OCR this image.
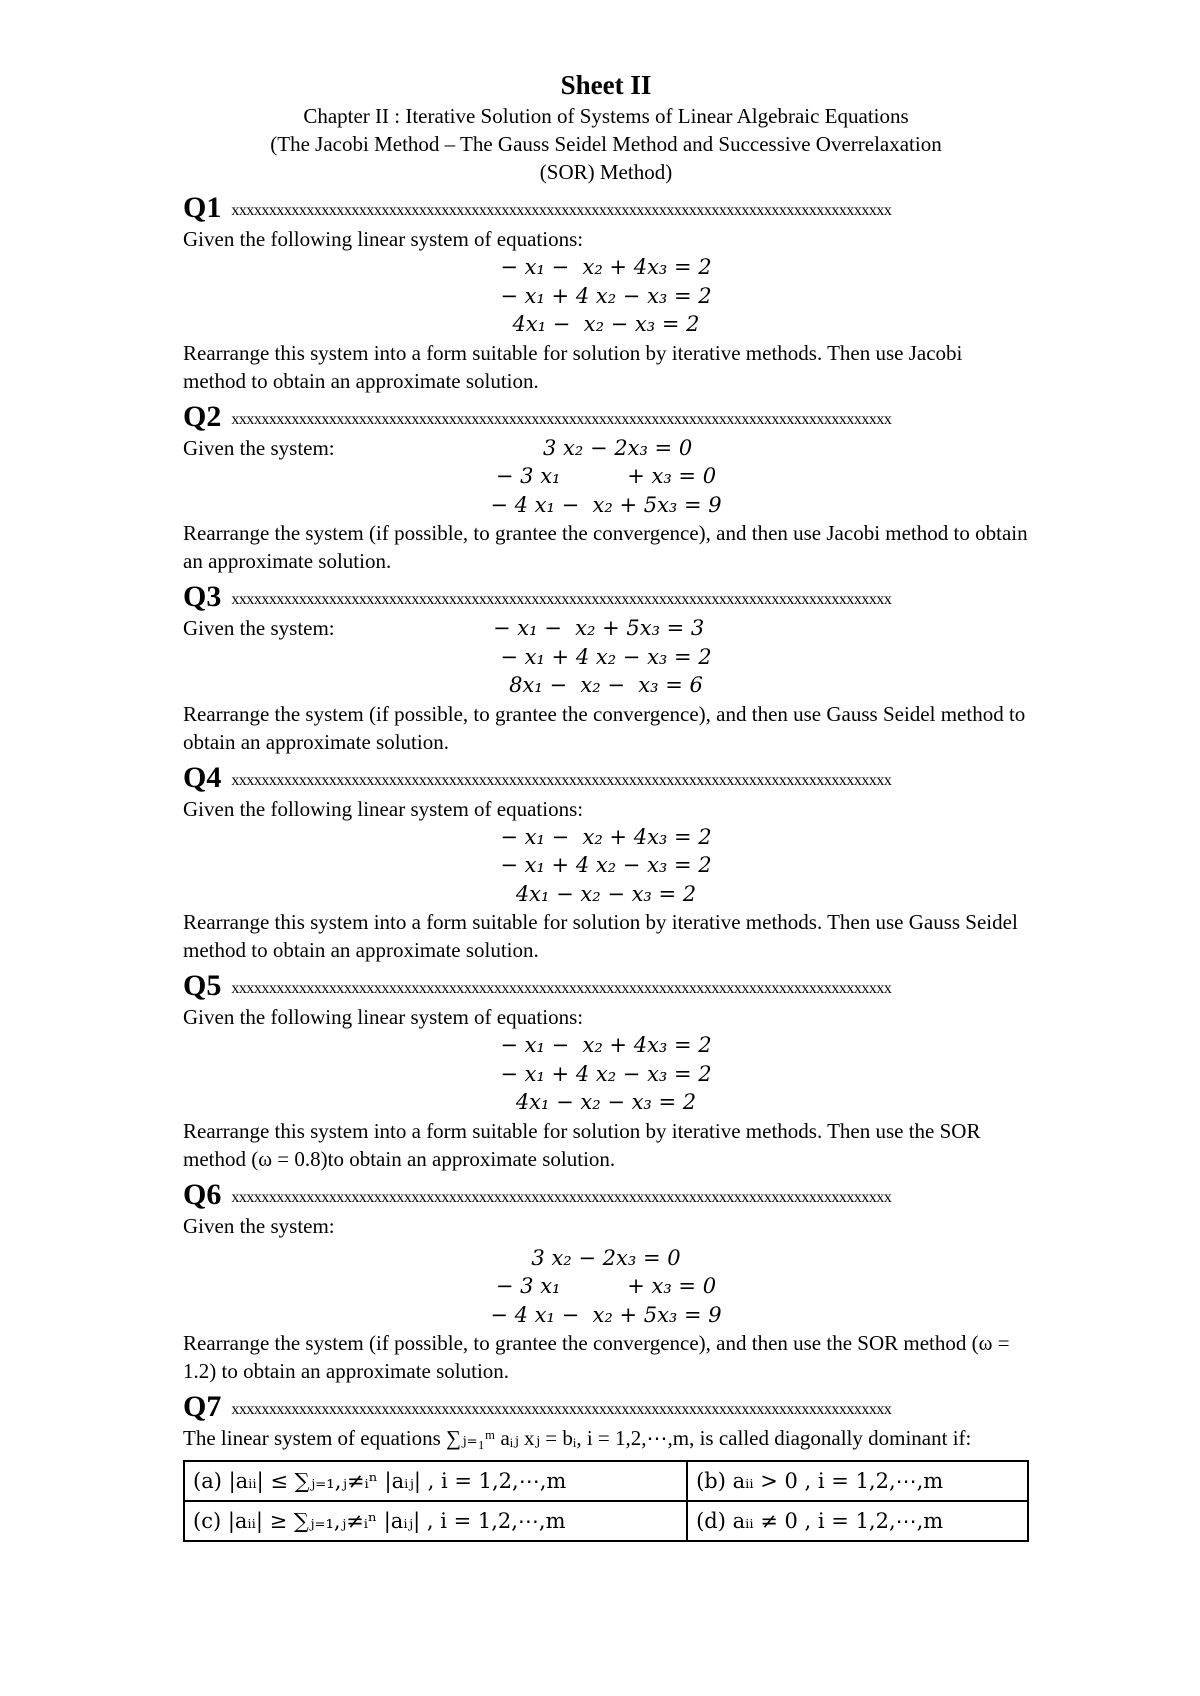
Sheet II

Chapter II : Iterative Solution of Systems of Linear Algebraic Equations

(The Jacobi Method – The Gauss Seidel Method and Successive Overrelaxation

(SOR) Method)

Q1 xxxxxxxxxxxxxxxxxxxxxxxxxxxxxxxxxxxxxxxxxxxxxxxxxxxxxxxxxxxxxxxxxxxxxxxxxxxxxxxxxxxxxxxx

Given the following linear system of equations:

− x₁ −  x₂ + 4x₃ = 2

− x₁ + 4 x₂ − x₃ = 2

4x₁ −  x₂ − x₃ = 2

Rearrange this system into a form suitable for solution by iterative methods. Then use Jacobi method to obtain an approximate solution.

Q2 xxxxxxxxxxxxxxxxxxxxxxxxxxxxxxxxxxxxxxxxxxxxxxxxxxxxxxxxxxxxxxxxxxxxxxxxxxxxxxxxxxxxxxxx
Given the system:	3 x₂ − 2x₃ = 0

− 3 x₁          + x₃ = 0

− 4 x₁ −  x₂ + 5x₃ = 9

Rearrange the system (if possible, to grantee the convergence), and then use Jacobi method to obtain an approximate solution.

Q3 xxxxxxxxxxxxxxxxxxxxxxxxxxxxxxxxxxxxxxxxxxxxxxxxxxxxxxxxxxxxxxxxxxxxxxxxxxxxxxxxxxxxxxxx
Given the system:	− x₁ −  x₂ + 5x₃ = 3

− x₁ + 4 x₂ − x₃ = 2

8x₁ −  x₂ −  x₃ = 6

Rearrange the system (if possible, to grantee the convergence), and then use Gauss Seidel method to obtain an approximate solution.

Q4 xxxxxxxxxxxxxxxxxxxxxxxxxxxxxxxxxxxxxxxxxxxxxxxxxxxxxxxxxxxxxxxxxxxxxxxxxxxxxxxxxxxxxxxx

Given the following linear system of equations:

− x₁ −  x₂ + 4x₃ = 2

− x₁ + 4 x₂ − x₃ = 2

4x₁ − x₂ − x₃ = 2

Rearrange this system into a form suitable for solution by iterative methods. Then use Gauss Seidel method to obtain an approximate solution.

Q5 xxxxxxxxxxxxxxxxxxxxxxxxxxxxxxxxxxxxxxxxxxxxxxxxxxxxxxxxxxxxxxxxxxxxxxxxxxxxxxxxxxxxxxxx

Given the following linear system of equations:

− x₁ −  x₂ + 4x₃ = 2

− x₁ + 4 x₂ − x₃ = 2

4x₁ − x₂ − x₃ = 2

Rearrange this system into a form suitable for solution by iterative methods. Then use the SOR method (ω = 0.8)to obtain an approximate solution.

Q6 xxxxxxxxxxxxxxxxxxxxxxxxxxxxxxxxxxxxxxxxxxxxxxxxxxxxxxxxxxxxxxxxxxxxxxxxxxxxxxxxxxxxxxxx

Given the system:

3 x₂ − 2x₃ = 0

− 3 x₁          + x₃ = 0

− 4 x₁ −  x₂ + 5x₃ = 9

Rearrange the system (if possible, to grantee the convergence), and then use the SOR method (ω = 1.2) to obtain an approximate solution.

Q7 xxxxxxxxxxxxxxxxxxxxxxxxxxxxxxxxxxxxxxxxxxxxxxxxxxxxxxxxxxxxxxxxxxxxxxxxxxxxxxxxxxxxxxxx

The linear system of equations ∑ⱼ₌₁ᵐ aᵢⱼ xⱼ = bᵢ, i = 1,2,⋯,m, is called diagonally dominant if:

(a) |aᵢᵢ| ≤ ∑ⱼ₌₁,ⱼ≠ᵢⁿ |aᵢⱼ| , i = 1,2,⋯,m	(b) aᵢᵢ > 0 , i = 1,2,⋯,m
(c) |aᵢᵢ| ≥ ∑ⱼ₌₁,ⱼ≠ᵢⁿ |aᵢⱼ| , i = 1,2,⋯,m	(d) aᵢᵢ ≠ 0 , i = 1,2,⋯,m
